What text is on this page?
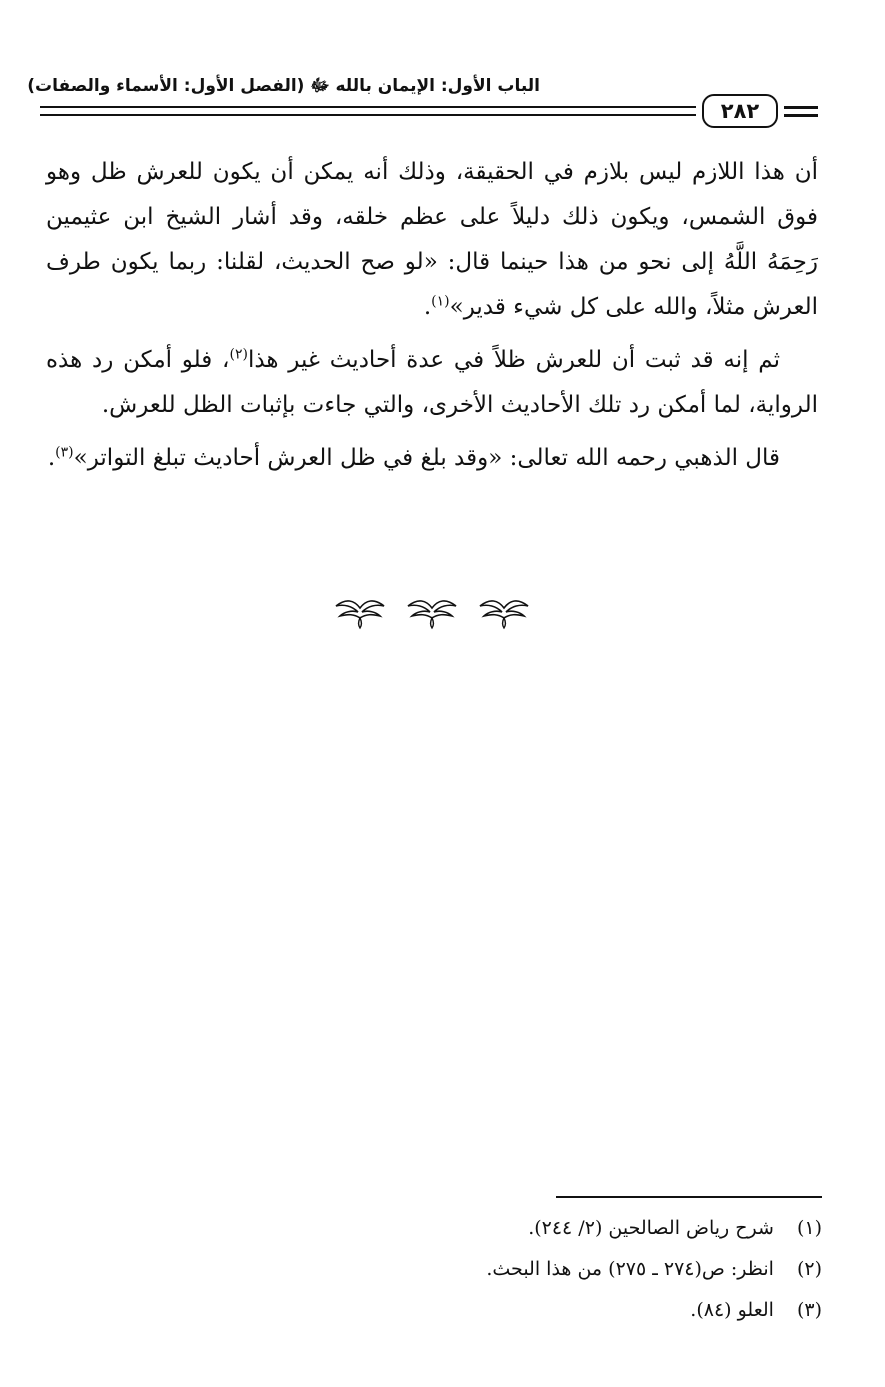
الباب الأول: الإيمان بالله ﷻ (الفصل الأول: الأسماء والصفات)
٢٨٢

أن هذا اللازم ليس بلازم في الحقيقة، وذلك أنه يمكن أن يكون للعرش ظل وهو فوق الشمس، ويكون ذلك دليلاً على عظم خلقه، وقد أشار الشيخ ابن عثيمين رَحِمَهُ اللَّهُ إلى نحو من هذا حينما قال: «لو صح الحديث، لقلنا: ربما يكون طرف العرش مثلاً، والله على كل شيء قدير»$^{(١)}$.

ثم إنه قد ثبت أن للعرش ظلاً في عدة أحاديث غير هذا$^{(٢)}$، فلو أمكن رد هذه الرواية، لما أمكن رد تلك الأحاديث الأخرى، والتي جاءت بإثبات الظل للعرش.

قال الذهبي رحمه الله تعالى: «وقد بلغ في ظل العرش أحاديث تبلغ التواتر»$^{(٣)}$.

(١) شرح رياض الصالحين (٢/ ٢٤٤).
(٢) انظر: ص(٢٧٤ ـ ٢٧٥) من هذا البحث.
(٣) العلو (٨٤).
